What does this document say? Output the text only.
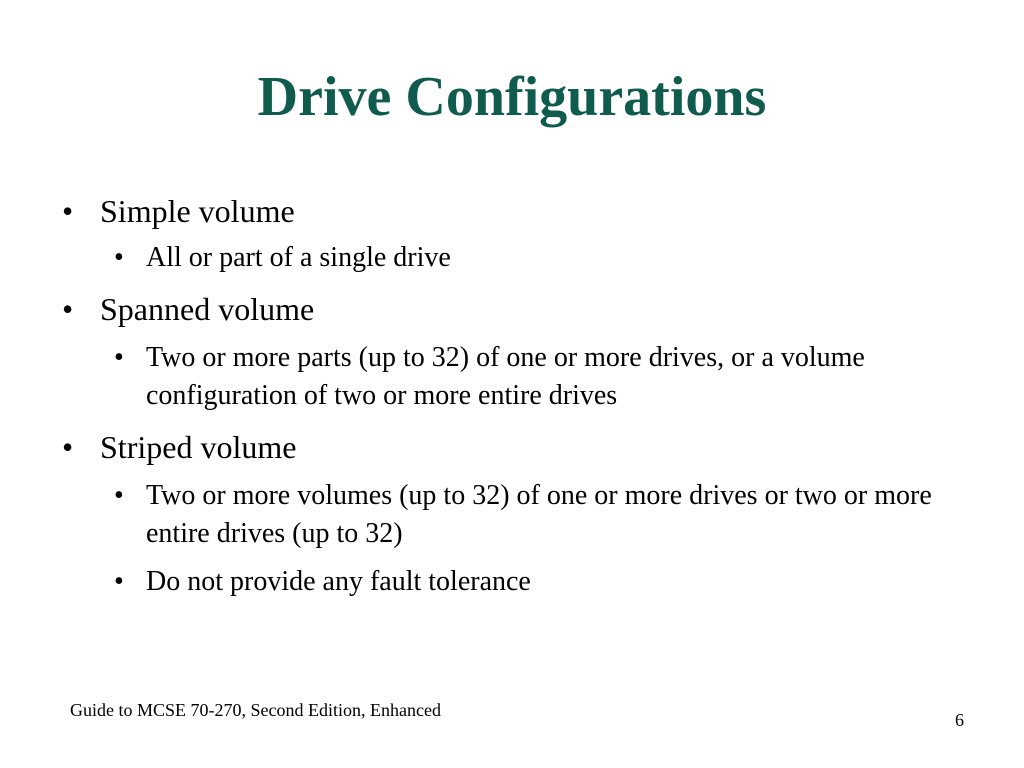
Drive Configurations

• Simple volume

• All or part of a single drive

• Spanned volume

• Two or more parts (up to 32) of one or more drives, or a volume configuration of two or more entire drives

• Striped volume

• Two or more volumes (up to 32) of one or more drives or two or more entire drives (up to 32)

• Do not provide any fault tolerance

Guide to MCSE 70-270, Second Edition, Enhanced	6
